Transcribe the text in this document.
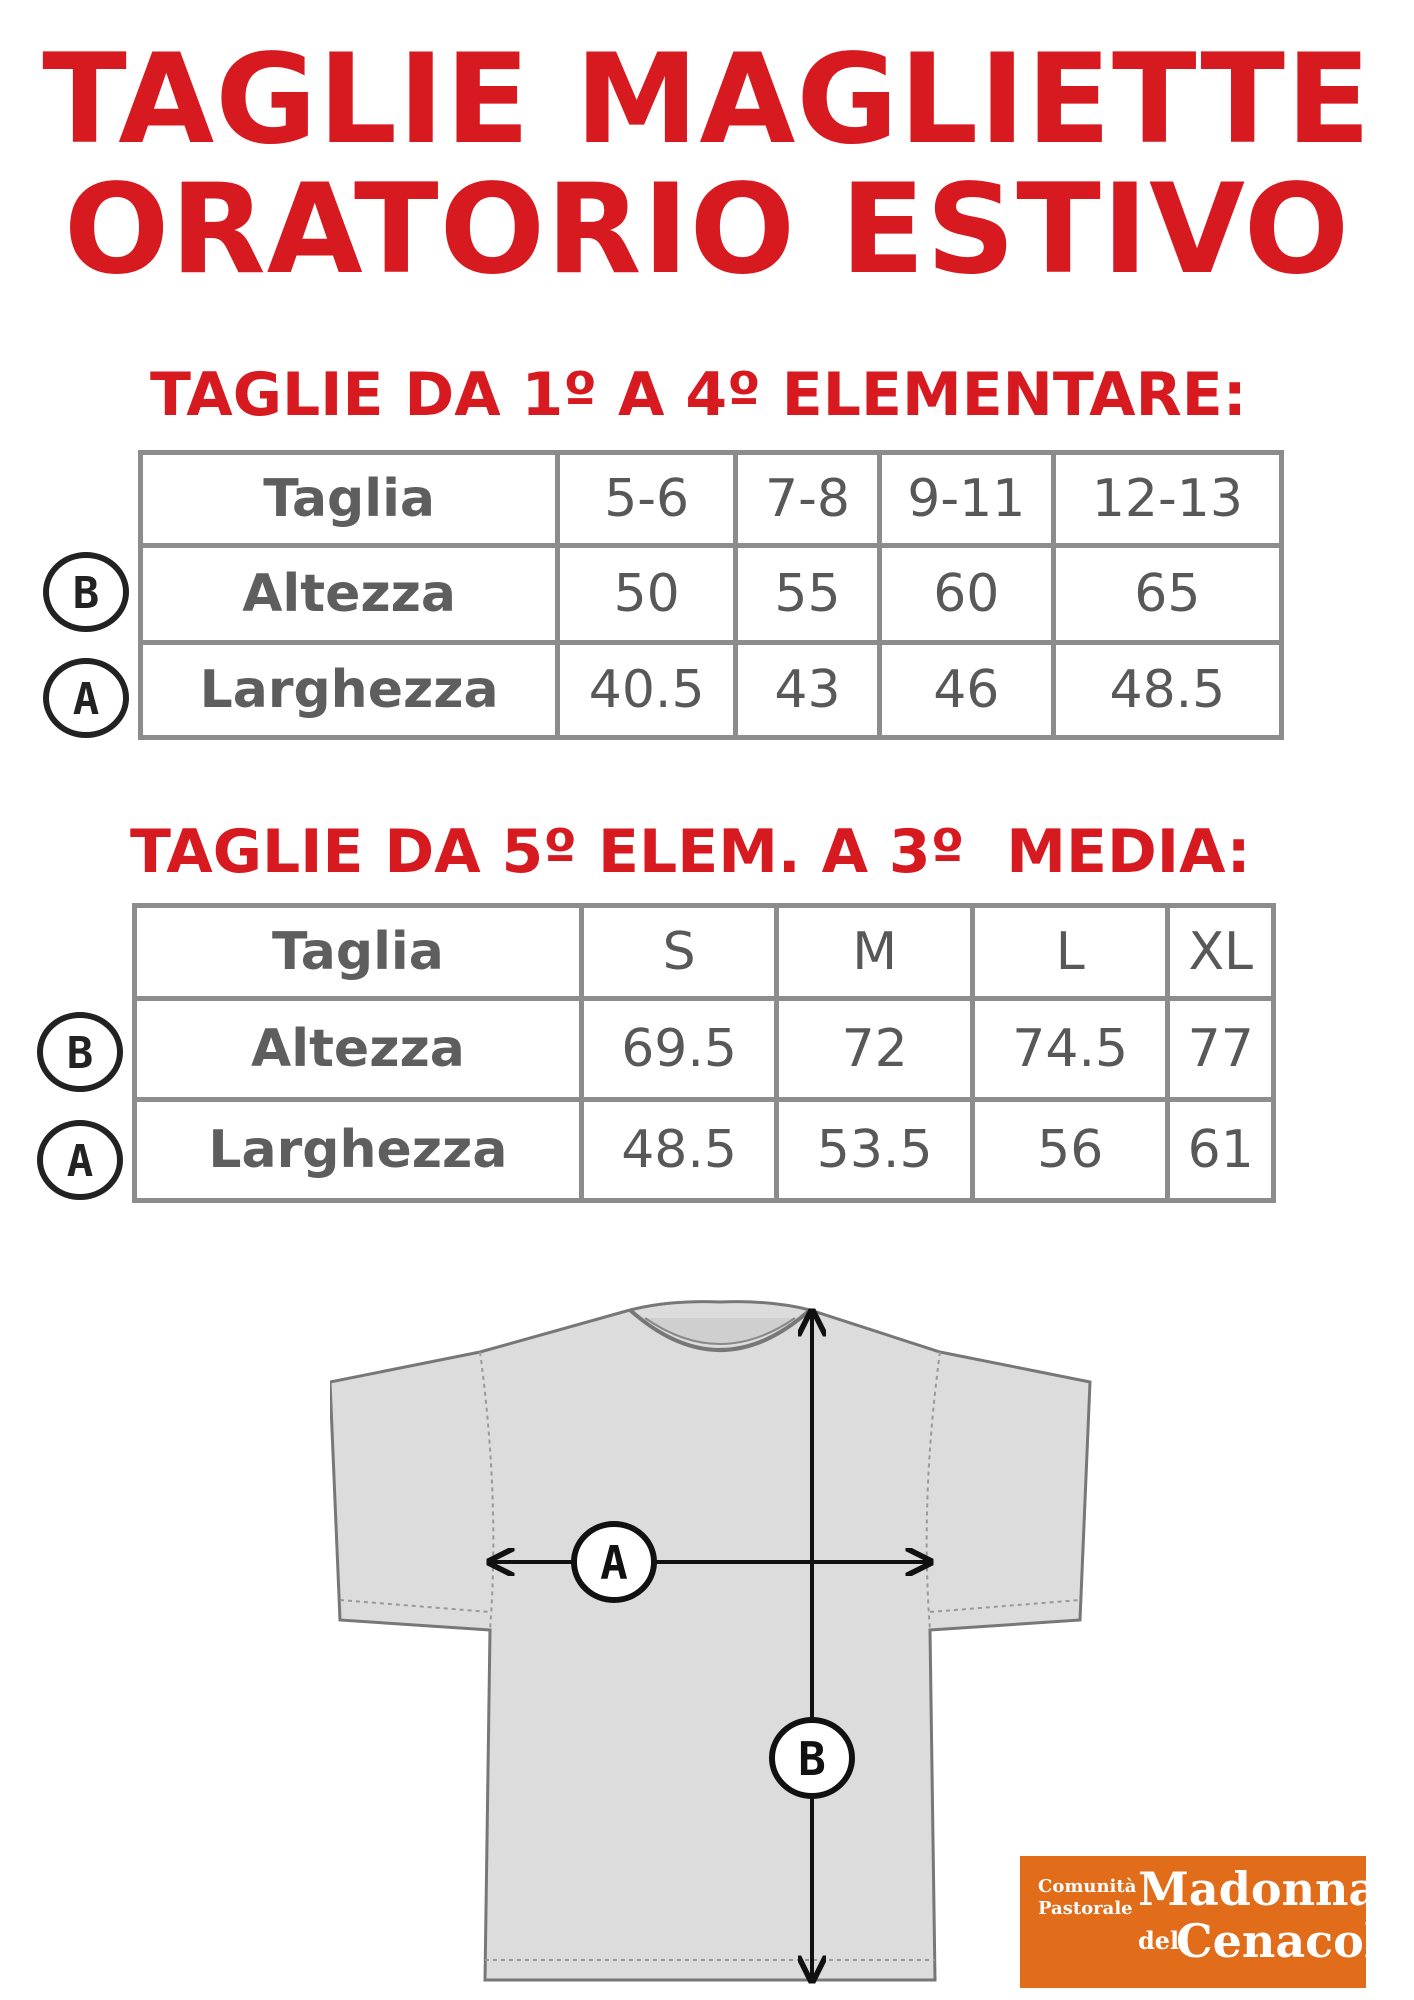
TAGLIE MAGLIETTE
ORATORIO ESTIVO
TAGLIE DA 1º A 4º ELEMENTARE:
Taglia	5-6	7-8	9-11	12-13
Altezza	50	55	60	65
Larghezza	40.5	43	46	48.5
B
A
TAGLIE DA 5º ELEM. A 3º  MEDIA:
Taglia	S	M	L	XL
Altezza	69.5	72	74.5	77
Larghezza	48.5	53.5	56	61
B
A
A
B
Comunità
Pastorale Madonna
del
Cenacolo
